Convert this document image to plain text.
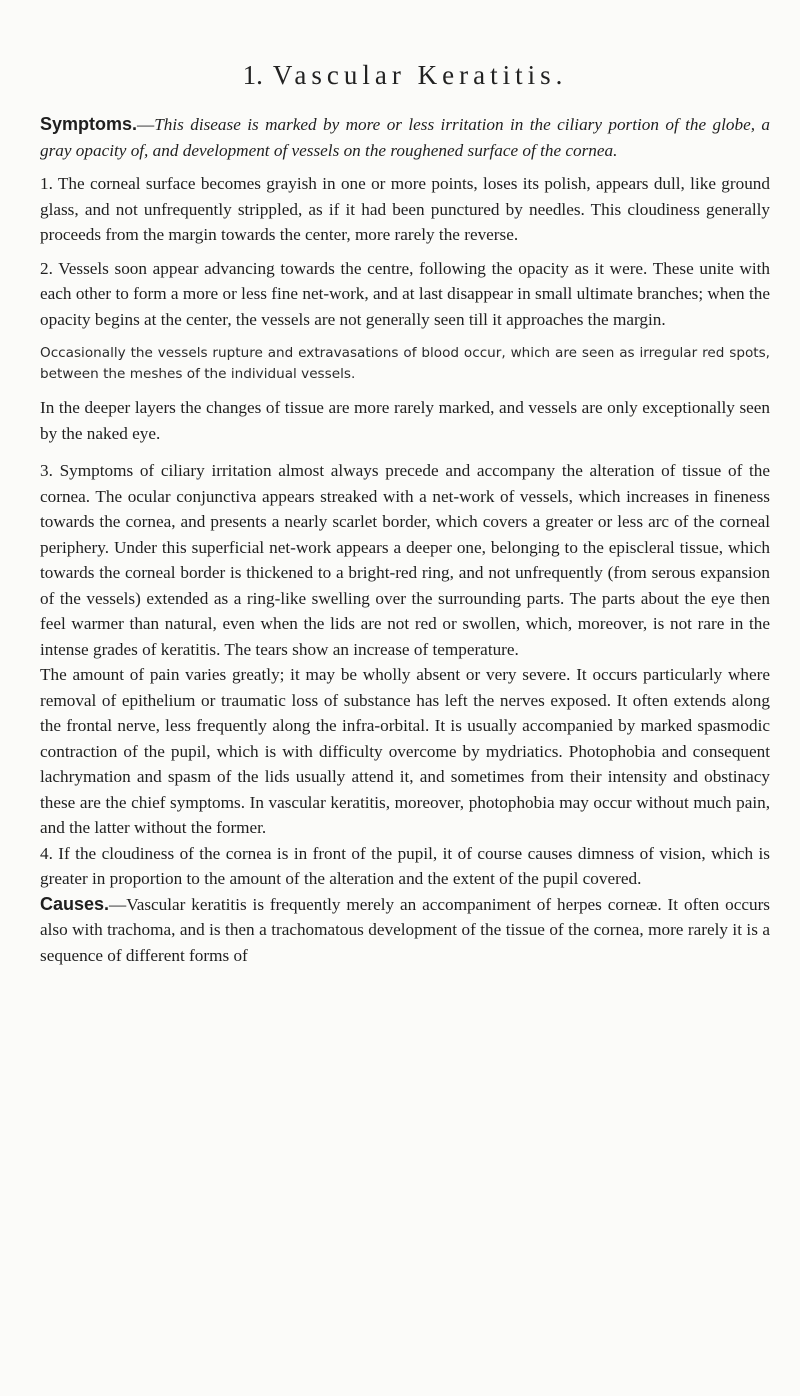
1. Vascular Keratitis.

Symptoms.—This disease is marked by more or less irritation in the ciliary portion of the globe, a gray opacity of, and development of vessels on the roughened surface of the cornea.

1. The corneal surface becomes grayish in one or more points, loses its polish, appears dull, like ground glass, and not unfrequently strippled, as if it had been punctured by needles. This cloudiness generally proceeds from the margin towards the center, more rarely the reverse.

2. Vessels soon appear advancing towards the centre, following the opacity as it were. These unite with each other to form a more or less fine net-work, and at last disappear in small ultimate branches; when the opacity begins at the center, the vessels are not generally seen till it approaches the margin.

Occasionally the vessels rupture and extravasations of blood occur, which are seen as irregular red spots, between the meshes of the individual vessels.

In the deeper layers the changes of tissue are more rarely marked, and vessels are only exceptionally seen by the naked eye.

3. Symptoms of ciliary irritation almost always precede and accompany the alteration of tissue of the cornea. The ocular conjunctiva appears streaked with a net-work of vessels, which increases in fineness towards the cornea, and presents a nearly scarlet border, which covers a greater or less arc of the corneal periphery. Under this superficial net-work appears a deeper one, belonging to the episcleral tissue, which towards the corneal border is thickened to a bright-red ring, and not unfrequently (from serous expansion of the vessels) extended as a ring-like swelling over the surrounding parts. The parts about the eye then feel warmer than natural, even when the lids are not red or swollen, which, moreover, is not rare in the intense grades of keratitis. The tears show an increase of temperature.

The amount of pain varies greatly; it may be wholly absent or very severe. It occurs particularly where removal of epithelium or traumatic loss of substance has left the nerves exposed. It often extends along the frontal nerve, less frequently along the infra-orbital. It is usually accompanied by marked spasmodic contraction of the pupil, which is with difficulty overcome by mydriatics. Photophobia and consequent lachrymation and spasm of the lids usually attend it, and sometimes from their intensity and obstinacy these are the chief symptoms. In vascular keratitis, moreover, photophobia may occur without much pain, and the latter without the former.

4. If the cloudiness of the cornea is in front of the pupil, it of course causes dimness of vision, which is greater in proportion to the amount of the alteration and the extent of the pupil covered.

Causes.—Vascular keratitis is frequently merely an accompaniment of herpes corneæ. It often occurs also with trachoma, and is then a trachomatous development of the tissue of the cornea, more rarely it is a sequence of different forms of
